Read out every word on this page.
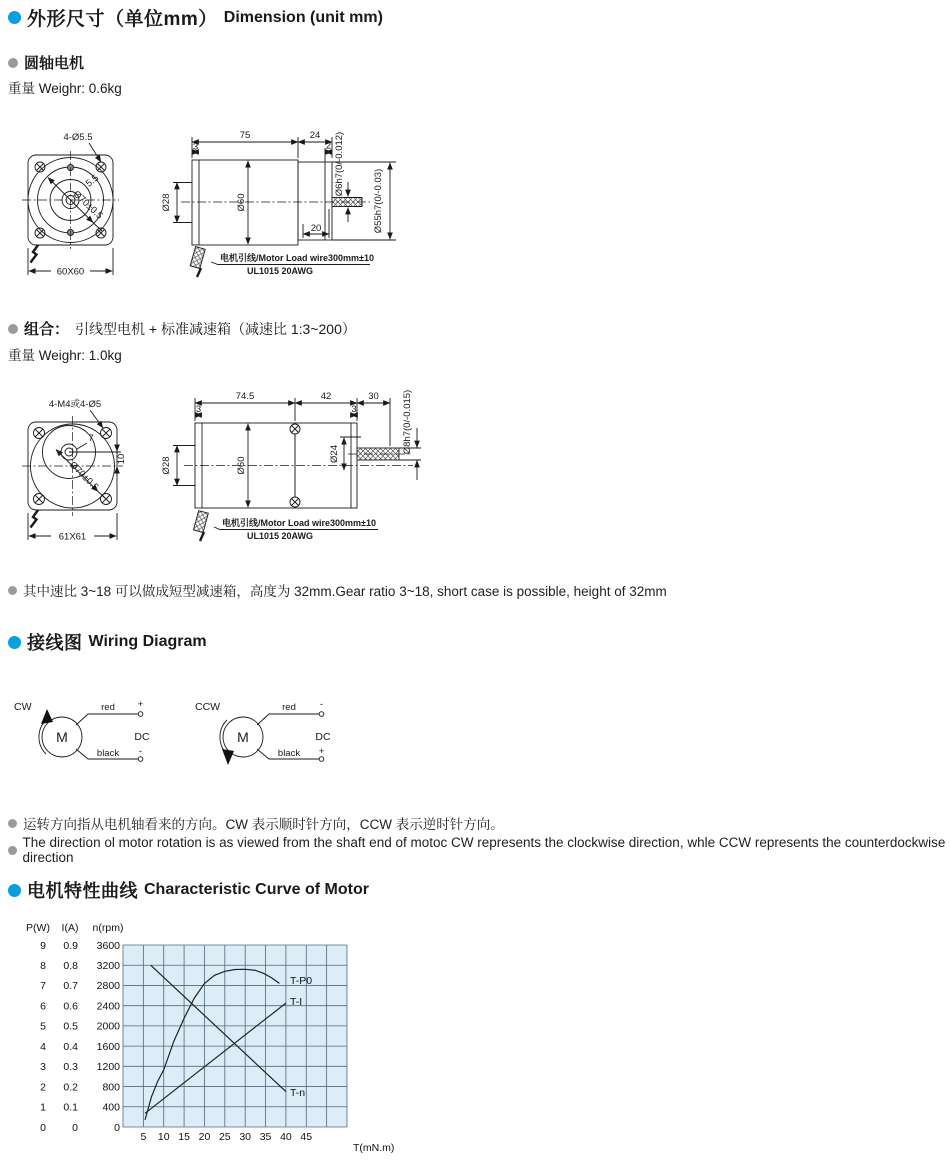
外形尺寸（单位mm） Dimension (unit mm)
圆轴电机
重量 Weighr: 0.6kg
4-Ø5.5
5.5
Ø70±0.5
60X60
75	24
3	2
Ø60
Ø28
Ø6h7(0/-0.012)
Ø55h7(0/-0.03)
20
电机引线/Motor Load wire300mm±10
UL1015 20AWG
组合： 引线型电机 + 标准减速箱（减速比 1:3~200）
重量 Weighr: 1.0kg
4-M4或4-Ø5
7
10
Ø70±0.5
61X61
74.5	42	30
3	3
Ø60
Ø28
Ø24	Ø8h7(0/-0.015)
电机引线/Motor Load wire300mm±10
UL1015 20AWG
其中速比 3~18 可以做成短型减速箱，高度为 32mm.Gear ratio 3~18, short case is possible, height of 32mm
接线图 Wiring Diagram
CW
M
red
black
+
-
DC
CCW
M
red
black
-
+
DC
运转方向指从电机轴看来的方向。CW 表示顺时针方向，CCW 表示逆时针方向。
The direction ol motor rotation is as viewed from the shaft end of motoc CW represents the clockwise direction, whle CCW represents the counterdockwise direction
电机特性曲线 Characteristic Curve of Motor
P(W)
9
8
7
6
5
4
3
2
1
0
I(A)
0.9
0.8
0.7
0.6
0.5
0.4
0.3
0.2
0.1
0
n(rpm)
3600
3200
2800
2400
2000
1600
1200
800
400
0
5 10 15 20 25 30 35 40 45
T(mN.m)
T-P0
T-I
T-n
